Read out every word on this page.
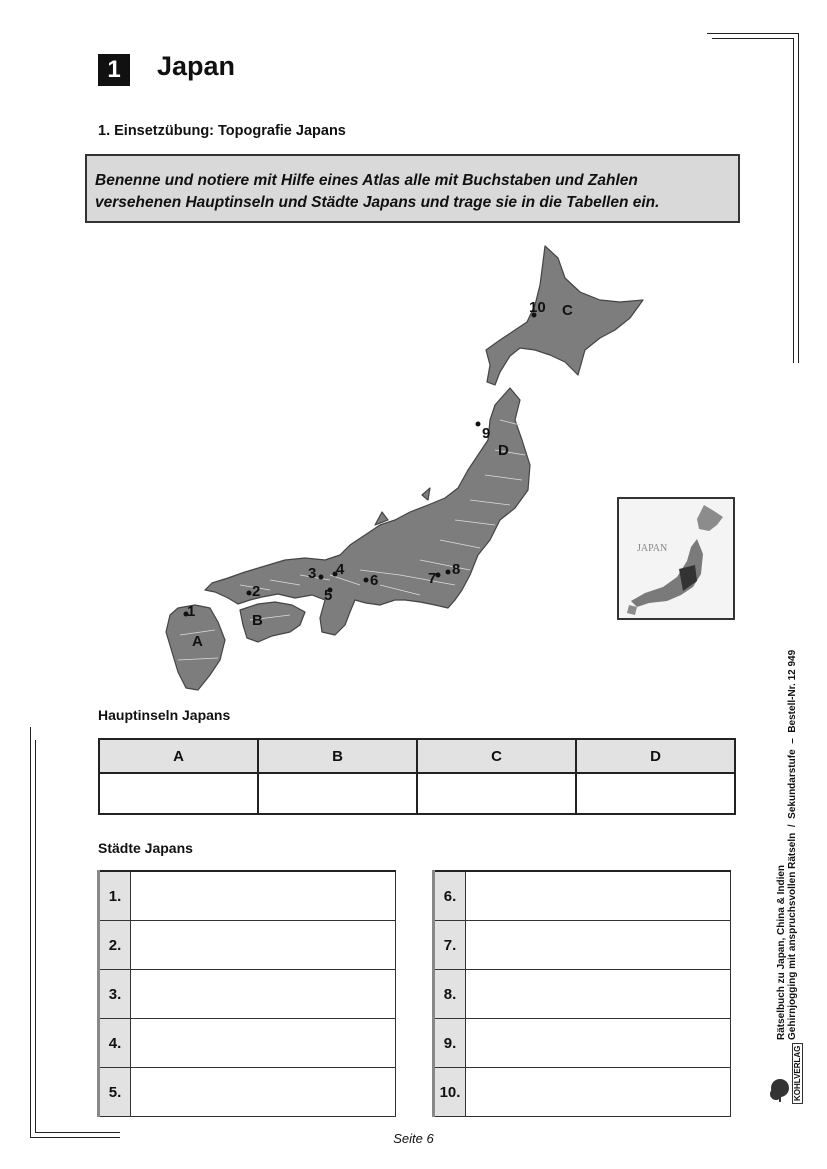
1	Japan
1. Einsetzübung: Topografie Japans
Benenne und notiere mit Hilfe eines Atlas alle mit Buchstaben und Zahlen
versehenen Hauptinseln und Städte Japans und trage sie in die Tabellen ein.
A
B
C
D
1
2
3 4
5
6	7
8
9
10
JAPAN
Hauptinseln Japans
A	B	C	D

Städte Japans
1.	
2.	
3.	
4.	
5.	
6.	
7.	
8.	
9.	
10.	
Rätselbuch zu Japan, China & Indien Gehirnjogging mit anspruchsvollen Rätseln  /  Sekundarstufe  –  Bestell-Nr. 12 949
KOHLVERLAG
Seite 6
